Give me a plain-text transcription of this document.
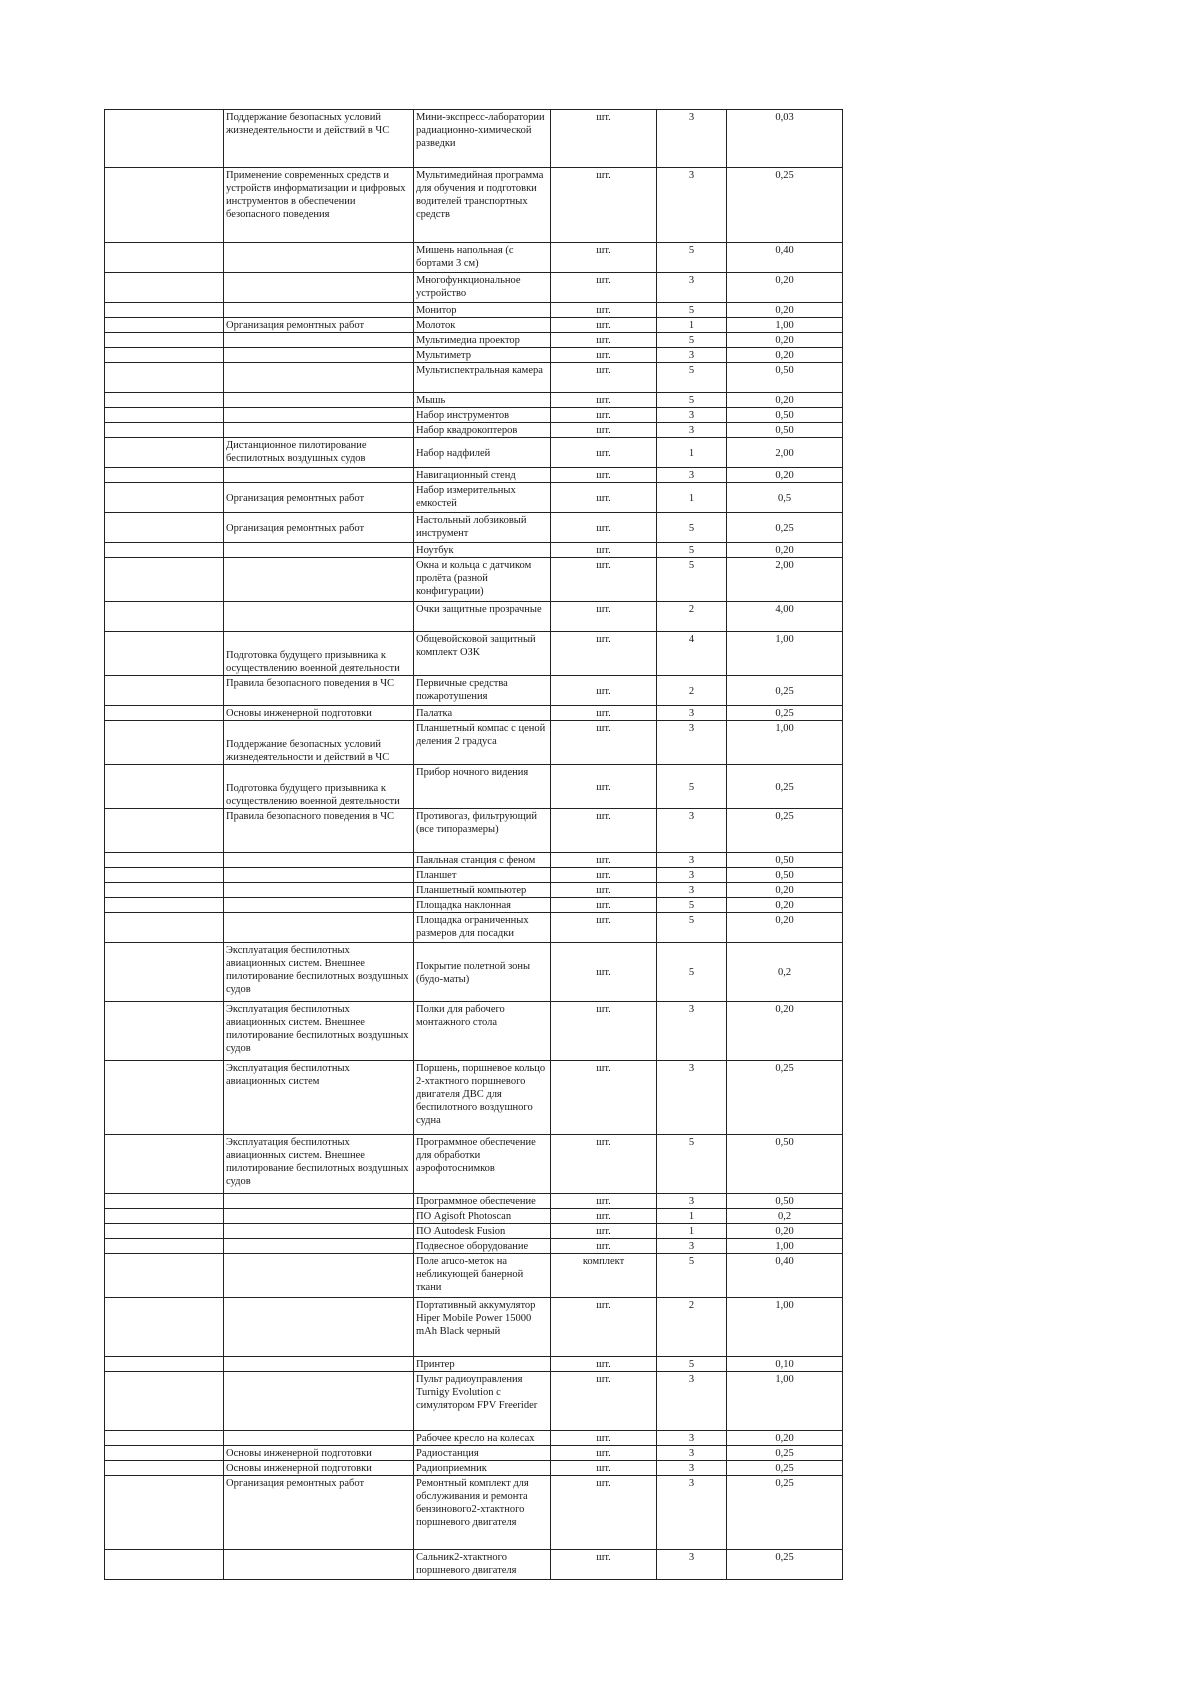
	Поддержание безопасных условий жизнедеятельности и действий в ЧС	Мини-экспресс-лаборатории радиационно-химической разведки	шт.	3	0,03
	Применение современных средств и устройств информатизации и цифровых инструментов в обеспечении безопасного поведения	Мультимедийная программа для обучения и подготовки водителей транспортных средств	шт.	3	0,25
		Мишень напольная (с бортами 3 см)	шт.	5	0,40
		Многофункциональное устройство	шт.	3	0,20
		Монитор	шт.	5	0,20
	Организация ремонтных работ	Молоток	шт.	1	1,00
		Мультимедиа проектор	шт.	5	0,20
		Мультиметр	шт.	3	0,20
		Мультиспектральная камера	шт.	5	0,50
		Мышь	шт.	5	0,20
		Набор инструментов	шт.	3	0,50
		Набор квадрокоптеров	шт.	3	0,50
	Дистанционное пилотирование беспилотных воздушных судов	Набор надфилей	шт.	1	2,00
		Навигационный стенд	шт.	3	0,20
	Организация ремонтных работ	Набор измерительных емкостей	шт.	1	0,5
	Организация ремонтных работ	Настольный лобзиковый инструмент	шт.	5	0,25
		Ноутбук	шт.	5	0,20
		Окна и кольца с датчиком пролёта (разной конфигурации)	шт.	5	2,00
		Очки защитные прозрачные	шт.	2	4,00
	Подготовка будущего призывника к осуществлению военной деятельности	Общевойсковой защитный комплект ОЗК	шт.	4	1,00
	Правила безопасного поведения в ЧС	Первичные средства пожаротушения	шт.	2	0,25
	Основы инженерной подготовки	Палатка	шт.	3	0,25
	Поддержание безопасных условий жизнедеятельности и действий в ЧС	Планшетный компас с ценой деления 2 градуса	шт.	3	1,00
	Подготовка будущего призывника к осуществлению военной деятельности	Прибор ночного видения	шт.	5	0,25
	Правила безопасного поведения в ЧС	Противогаз, фильтрующий (все типоразмеры)	шт.	3	0,25
		Паяльная станция с феном	шт.	3	0,50
		Планшет	шт.	3	0,50
		Планшетный компьютер	шт.	3	0,20
		Площадка наклонная	шт.	5	0,20
		Площадка ограниченных размеров для посадки	шт.	5	0,20
	Эксплуатация беспилотных авиационных систем. Внешнее пилотирование беспилотных воздушных судов	Покрытие полетной зоны (будо-маты)	шт.	5	0,2
	Эксплуатация беспилотных авиационных систем. Внешнее пилотирование беспилотных воздушных судов	Полки для рабочего монтажного стола	шт.	3	0,20
	Эксплуатация беспилотных авиационных систем	Поршень, поршневое кольцо 2-хтактного поршневого двигателя ДВС для беспилотного воздушного судна	шт.	3	0,25
	Эксплуатация беспилотных авиационных систем. Внешнее пилотирование беспилотных воздушных судов	Программное обеспечение для обработки аэрофотоснимков	шт.	5	0,50
		Программное обеспечение	шт.	3	0,50
		ПО Agisoft Photoscan	шт.	1	0,2
		ПО Autodesk Fusion	шт.	1	0,20
		Подвесное оборудование	шт.	3	1,00
		Поле aruco-меток на небликующей банерной ткани	комплект	5	0,40
		Портативный аккумулятор Hiper Mobile Power 15000 mAh Black черный	шт.	2	1,00
		Принтер	шт.	5	0,10
		Пульт радиоуправления Turnigy Evolution с симулятором FPV Freerider	шт.	3	1,00
		Рабочее кресло на колесах	шт.	3	0,20
	Основы инженерной подготовки	Радиостанция	шт.	3	0,25
	Основы инженерной подготовки	Радиоприемник	шт.	3	0,25
	Организация ремонтных работ	Ремонтный комплект для обслуживания и ремонта бензинового2-хтактного поршневого двигателя	шт.	3	0,25
		Сальник2-хтактного поршневого двигателя	шт.	3	0,25
